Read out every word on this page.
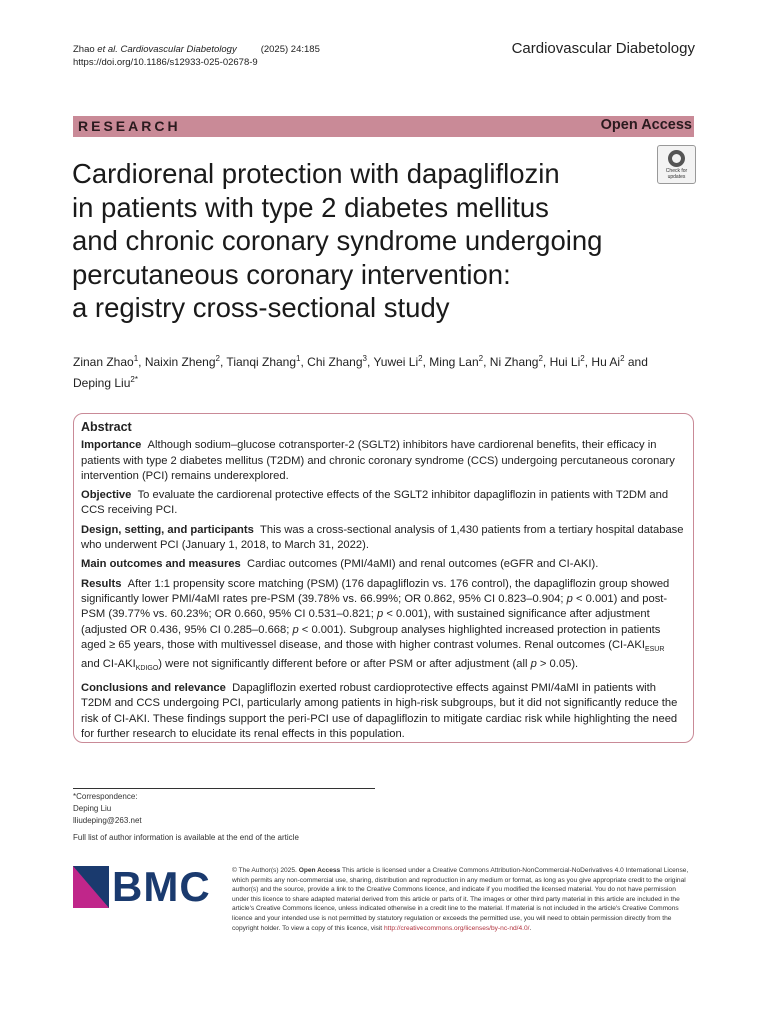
Zhao et al. Cardiovascular Diabetology	(2025) 24:185
https://doi.org/10.1186/s12933-025-02678-9
Cardiovascular Diabetology
RESEARCH	Open Access
Cardiorenal protection with dapagliflozin
in patients with type 2 diabetes mellitus
and chronic coronary syndrome undergoing
percutaneous coronary intervention:
a registry cross-sectional study
Check for
updates
Zinan Zhao$^1$, Naixin Zheng$^2$, Tianqi Zhang$^1$, Chi Zhang$^3$, Yuwei Li$^2$, Ming Lan$^2$, Ni Zhang$^2$, Hui Li$^2$, Hu Ai$^2$ and
Deping Liu$^{2*}$
Abstract

Importance Although sodium–glucose cotransporter-2 (SGLT2) inhibitors have cardiorenal benefits, their efficacy in patients with type 2 diabetes mellitus (T2DM) and chronic coronary syndrome (CCS) undergoing percutaneous coronary intervention (PCI) remains underexplored.

Objective To evaluate the cardiorenal protective effects of the SGLT2 inhibitor dapagliflozin in patients with T2DM and CCS receiving PCI.

Design, setting, and participants This was a cross-sectional analysis of 1,430 patients from a tertiary hospital database who underwent PCI (January 1, 2018, to March 31, 2022).

Main outcomes and measures Cardiac outcomes (PMI/4aMI) and renal outcomes (eGFR and CI-AKI).

Results After 1:1 propensity score matching (PSM) (176 dapagliflozin vs. 176 control), the dapagliflozin group showed significantly lower PMI/4aMI rates pre-PSM (39.78% vs. 66.99%; OR 0.862, 95% CI 0.823–0.904; p < 0.001) and post-PSM (39.77% vs. 60.23%; OR 0.660, 95% CI 0.531–0.821; p < 0.001), with sustained significance after adjustment (adjusted OR 0.436, 95% CI 0.285–0.668; p < 0.001). Subgroup analyses highlighted increased protection in patients aged ≥ 65 years, those with multivessel disease, and those with higher contrast volumes. Renal outcomes ($CI-AKI_{ESUR}$ and $CI-AKI_{KDIGO}$) were not significantly different before or after PSM or after adjustment (all p > 0.05).

Conclusions and relevance Dapagliflozin exerted robust cardioprotective effects against PMI/4aMI in patients with T2DM and CCS undergoing PCI, particularly among patients in high-risk subgroups, but it did not significantly reduce the risk of CI-AKI. These findings support the peri-PCI use of dapagliflozin to mitigate cardiac risk while highlighting the need for further research to elucidate its renal effects in this population.

*Correspondence:
Deping Liu
lliudeping@263.net
Full list of author information is available at the end of the article
BMC	© The Author(s) 2025. Open Access This article is licensed under a Creative Commons Attribution-NonCommercial-NoDerivatives 4.0 International License, which permits any non-commercial use, sharing, distribution and reproduction in any medium or format, as long as you give appropriate credit to the original author(s) and the source, provide a link to the Creative Commons licence, and indicate if you modified the licensed material. You do not have permission under this licence to share adapted material derived from this article or parts of it. The images or other third party material in this article are included in the article's Creative Commons licence, unless indicated otherwise in a credit line to the material. If material is not included in the article's Creative Commons licence and your intended use is not permitted by statutory regulation or exceeds the permitted use, you will need to obtain permission directly from the copyright holder. To view a copy of this licence, visit http://creativecommons.org/licenses/by-nc-nd/4.0/.
